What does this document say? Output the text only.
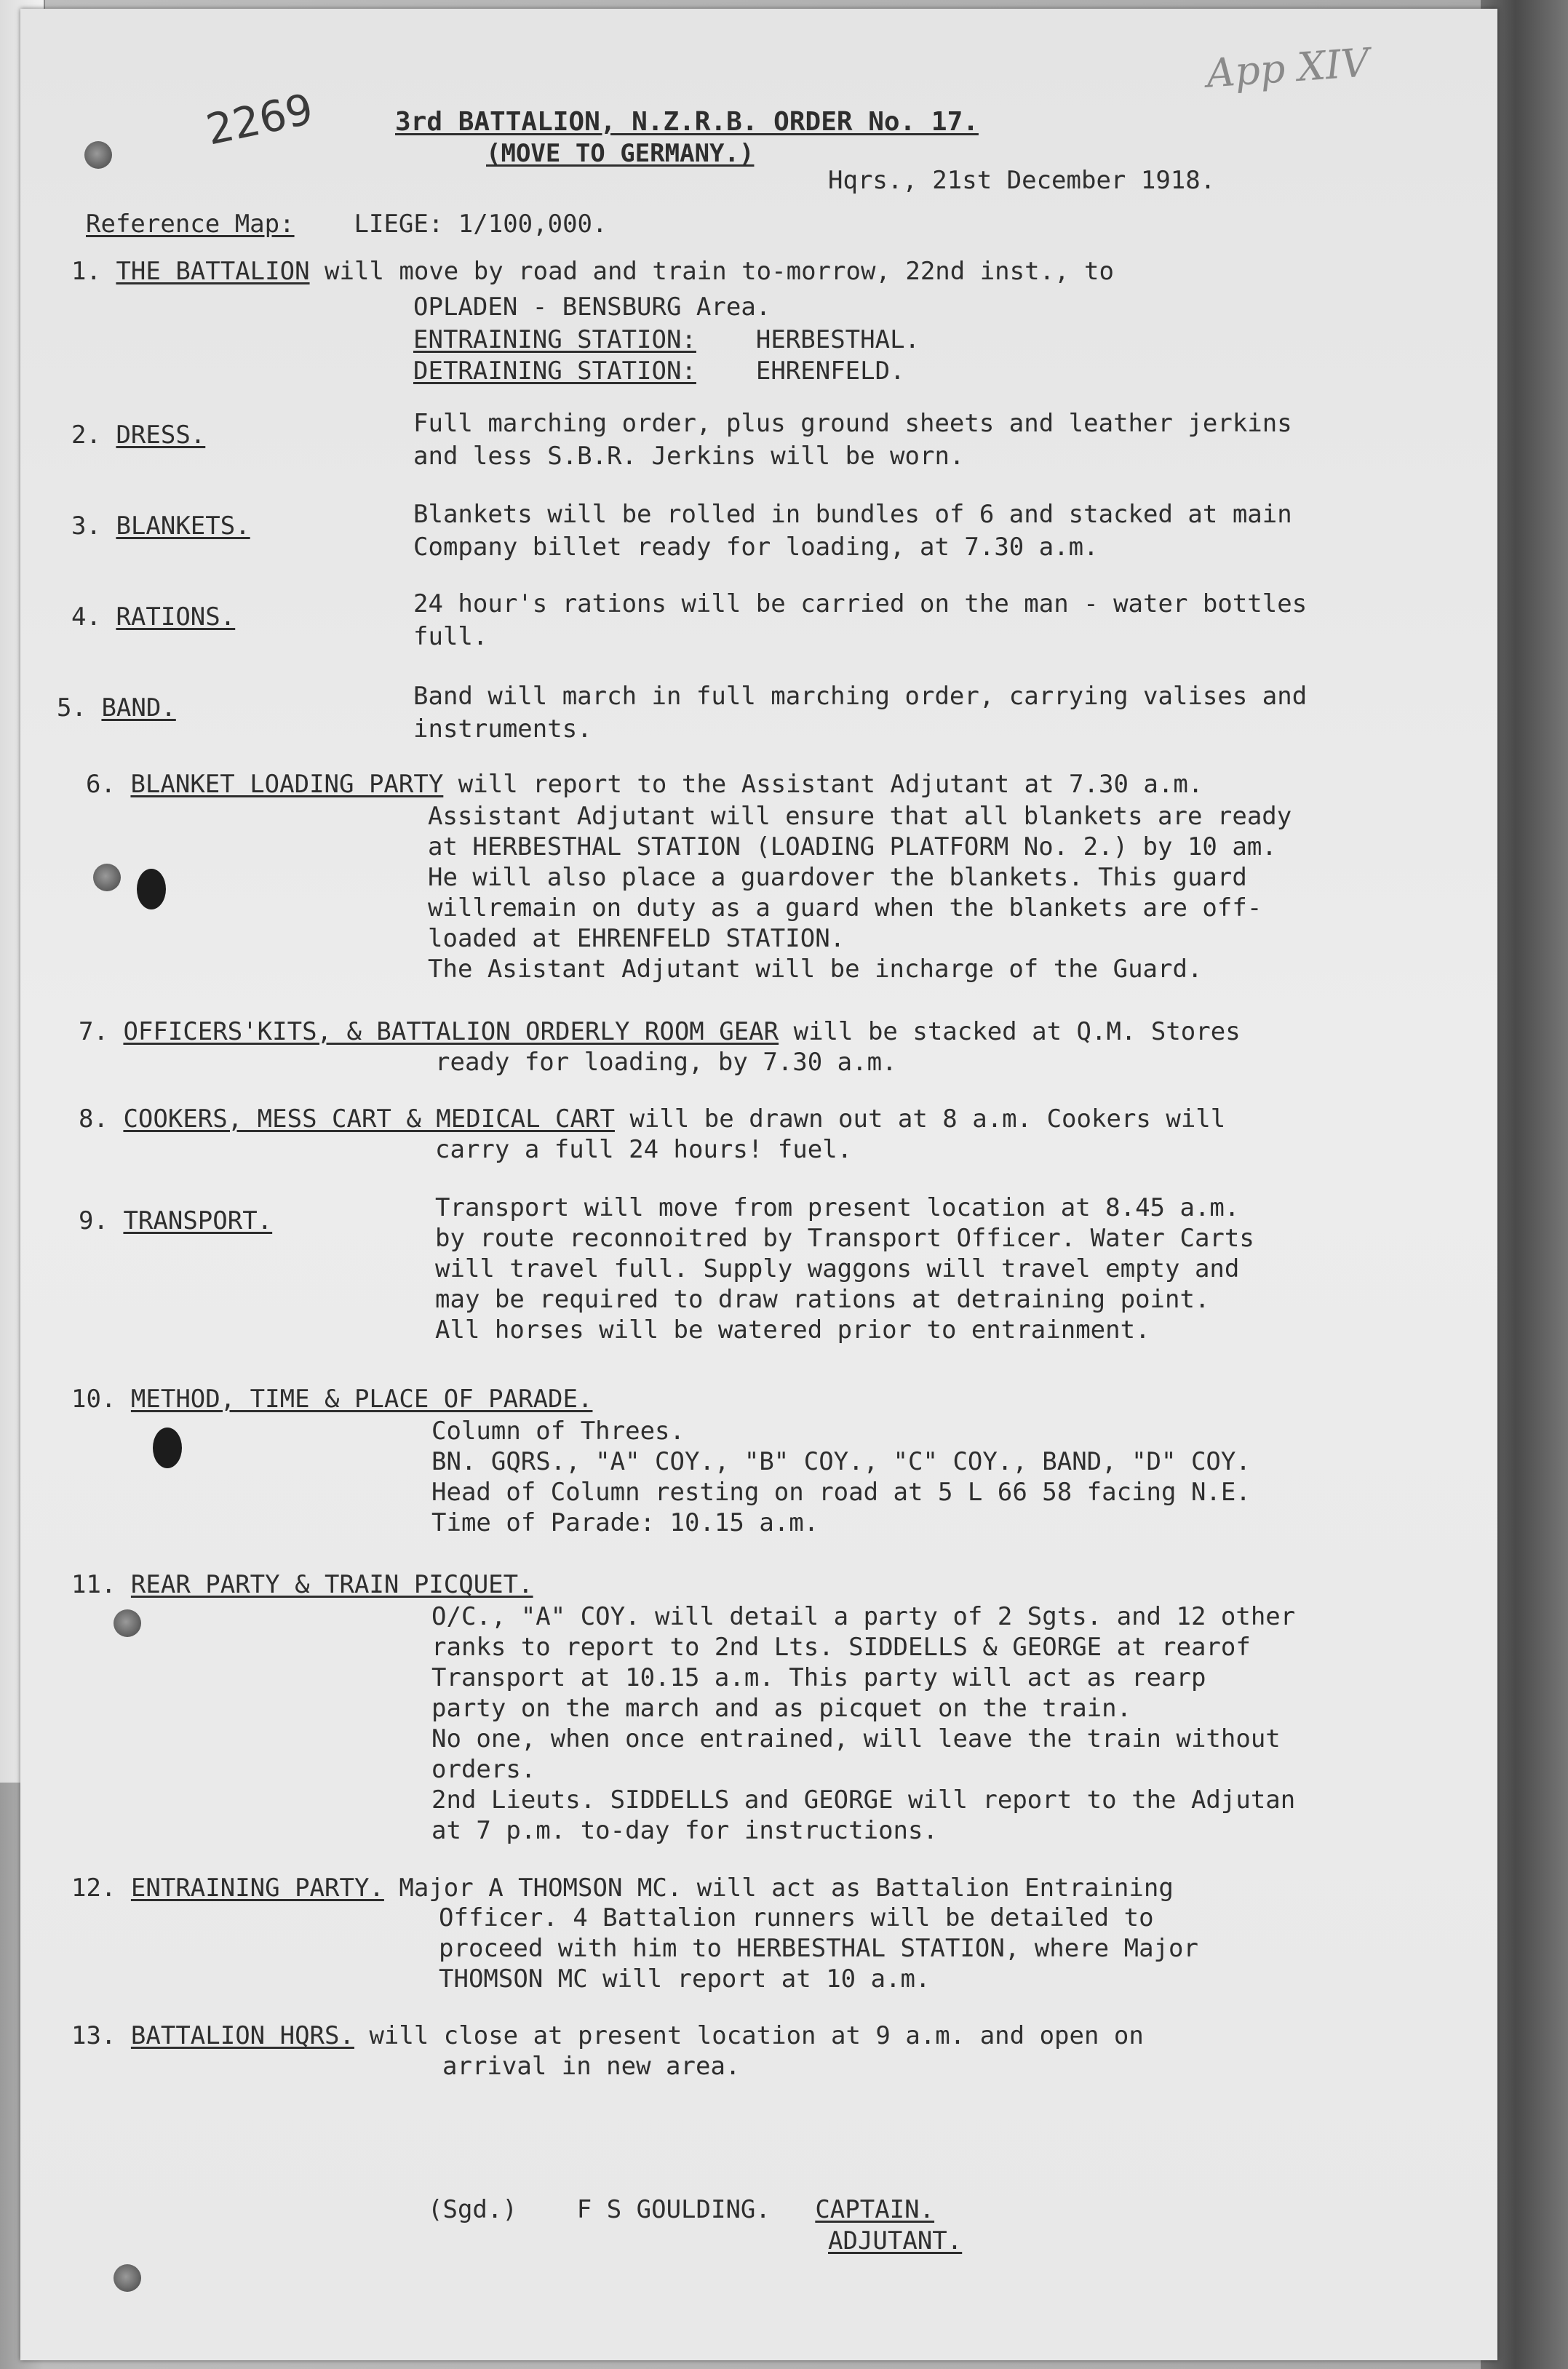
2269
App XIV
3rd BATTALION, N.Z.R.B. ORDER No. 17.
(MOVE TO GERMANY.)
Hqrs., 21st December 1918.
Reference Map: LIEGE: 1/100,000.
1. THE BATTALION will move by road and train to-morrow, 22nd inst., to
OPLADEN - BENSBURG Area.
ENTRAINING STATION: HERBESTHAL.
DETRAINING STATION: EHRENFELD.
2. DRESS.	Full marching order, plus ground sheets and leather jerkins
and less S.B.R. Jerkins will be worn.
3. BLANKETS.	Blankets will be rolled in bundles of 6 and stacked at main
Company billet ready for loading, at 7.30 a.m.
4. RATIONS.	24 hour's rations will be carried on the man - water bottles
full.
5. BAND.	Band will march in full marching order, carrying valises and
instruments.
6. BLANKET LOADING PARTY will report to the Assistant Adjutant at 7.30 a.m.
Assistant Adjutant will ensure that all blankets are ready
at HERBESTHAL STATION (LOADING PLATFORM No. 2.) by 10 am.
He will also place a guardover the blankets. This guard
willremain on duty as a guard when the blankets are off-
loaded at EHRENFELD STATION.
The Asistant Adjutant will be incharge of the Guard.
7. OFFICERS'KITS, & BATTALION ORDERLY ROOM GEAR will be stacked at Q.M. Stores
ready for loading, by 7.30 a.m.
8. COOKERS, MESS CART & MEDICAL CART will be drawn out at 8 a.m. Cookers will
carry a full 24 hours! fuel.
9. TRANSPORT.	Transport will move from present location at 8.45 a.m.
by route reconnoitred by Transport Officer. Water Carts
will travel full. Supply waggons will travel empty and
may be required to draw rations at detraining point.
All horses will be watered prior to entrainment.
10. METHOD, TIME & PLACE OF PARADE.
Column of Threes.
BN. GQRS., "A" COY., "B" COY., "C" COY., BAND, "D" COY.
Head of Column resting on road at 5 L 66 58 facing N.E.
Time of Parade: 10.15 a.m.
11. REAR PARTY & TRAIN PICQUET.
O/C., "A" COY. will detail a party of 2 Sgts. and 12 other
ranks to report to 2nd Lts. SIDDELLS & GEORGE at rearof
Transport at 10.15 a.m. This party will act as rearp
party on the march and as picquet on the train.
No one, when once entrained, will leave the train without
orders.
2nd Lieuts. SIDDELLS and GEORGE will report to the Adjutan
at 7 p.m. to-day for instructions.
12. ENTRAINING PARTY. Major A THOMSON MC. will act as Battalion Entraining
Officer. 4 Battalion runners will be detailed to
proceed with him to HERBESTHAL STATION, where Major
THOMSON MC will report at 10 a.m.
13. BATTALION HQRS. will close at present location at 9 a.m. and open on
arrival in new area.
(Sgd.) F S GOULDING. CAPTAIN.
ADJUTANT.
